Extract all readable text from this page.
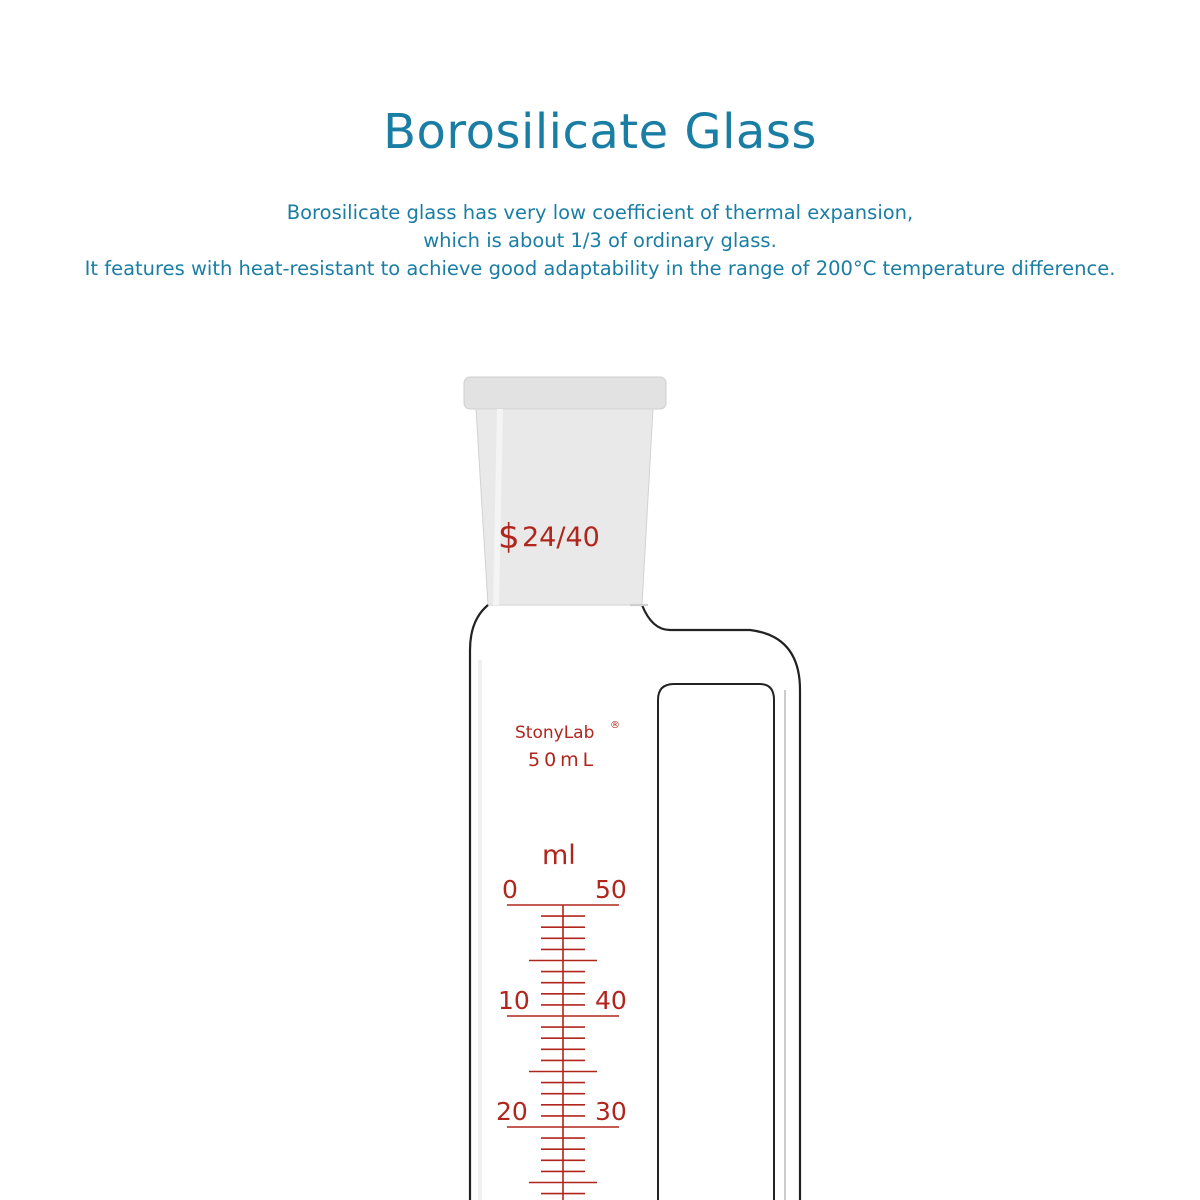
Borosilicate Glass
Borosilicate glass has very low coefficient of thermal expansion,
which is about 1/3 of ordinary glass.
It features with heat-resistant to achieve good adaptability in the range of 200°C temperature difference.
$ 24/40
StonyLab ®
50mL
ml
0	50
10	40
20	30
